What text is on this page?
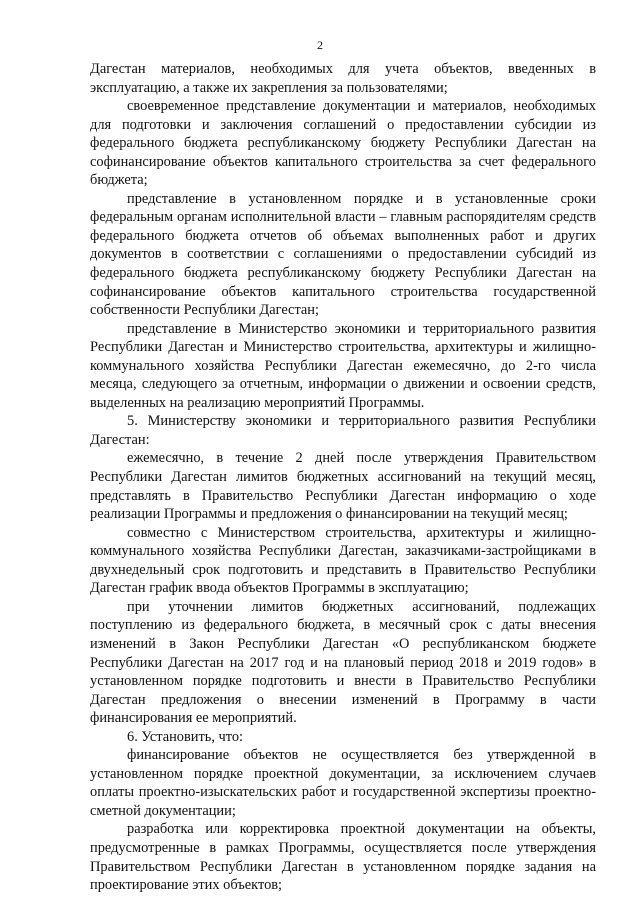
2

Дагестан материалов, необходимых для учета объектов, введенных в эксплуатацию, а также их закрепления за пользователями;

своевременное представление документации и материалов, необходимых для подготовки и заключения соглашений о предоставлении субсидии из федерального бюджета республиканскому бюджету Республики Дагестан на софинансирование объектов капитального строительства за счет федерального бюджета;

представление в установленном порядке и в установленные сроки федеральным органам исполнительной власти – главным распорядителям средств федерального бюджета отчетов об объемах выполненных работ и других документов в соответствии с соглашениями о предоставлении субсидий из федерального бюджета республиканскому бюджету Республики Дагестан на софинансирование объектов капитального строительства государственной собственности Республики Дагестан;

представление в Министерство экономики и территориального развития Республики Дагестан и Министерство строительства, архитектуры и жилищно-коммунального хозяйства Республики Дагестан ежемесячно, до 2-го числа месяца, следующего за отчетным, информации о движении и освоении средств, выделенных на реализацию мероприятий Программы.

5. Министерству экономики и территориального развития Республики Дагестан:

ежемесячно, в течение 2 дней после утверждения Правительством Республики Дагестан лимитов бюджетных ассигнований на текущий месяц, представлять в Правительство Республики Дагестан информацию о ходе реализации Программы и предложения о финансировании на текущий месяц;

совместно с Министерством строительства, архитектуры и жилищно-коммунального хозяйства Республики Дагестан, заказчиками-застройщиками в двухнедельный срок подготовить и представить в Правительство Республики Дагестан график ввода объектов Программы в эксплуатацию;

при уточнении лимитов бюджетных ассигнований, подлежащих поступлению из федерального бюджета, в месячный срок с даты внесения изменений в Закон Республики Дагестан «О республиканском бюджете Республики Дагестан на 2017 год и на плановый период 2018 и 2019 годов» в установленном порядке подготовить и внести в Правительство Республики Дагестан предложения о внесении изменений в Программу в части финансирования ее мероприятий.

6. Установить, что:

финансирование объектов не осуществляется без утвержденной в установленном порядке проектной документации, за исключением случаев оплаты проектно-изыскательских работ и государственной экспертизы проектно-сметной документации;

разработка или корректировка проектной документации на объекты, предусмотренные в рамках Программы, осуществляется после утверждения Правительством Республики Дагестан в установленном порядке задания на проектирование этих объектов;
